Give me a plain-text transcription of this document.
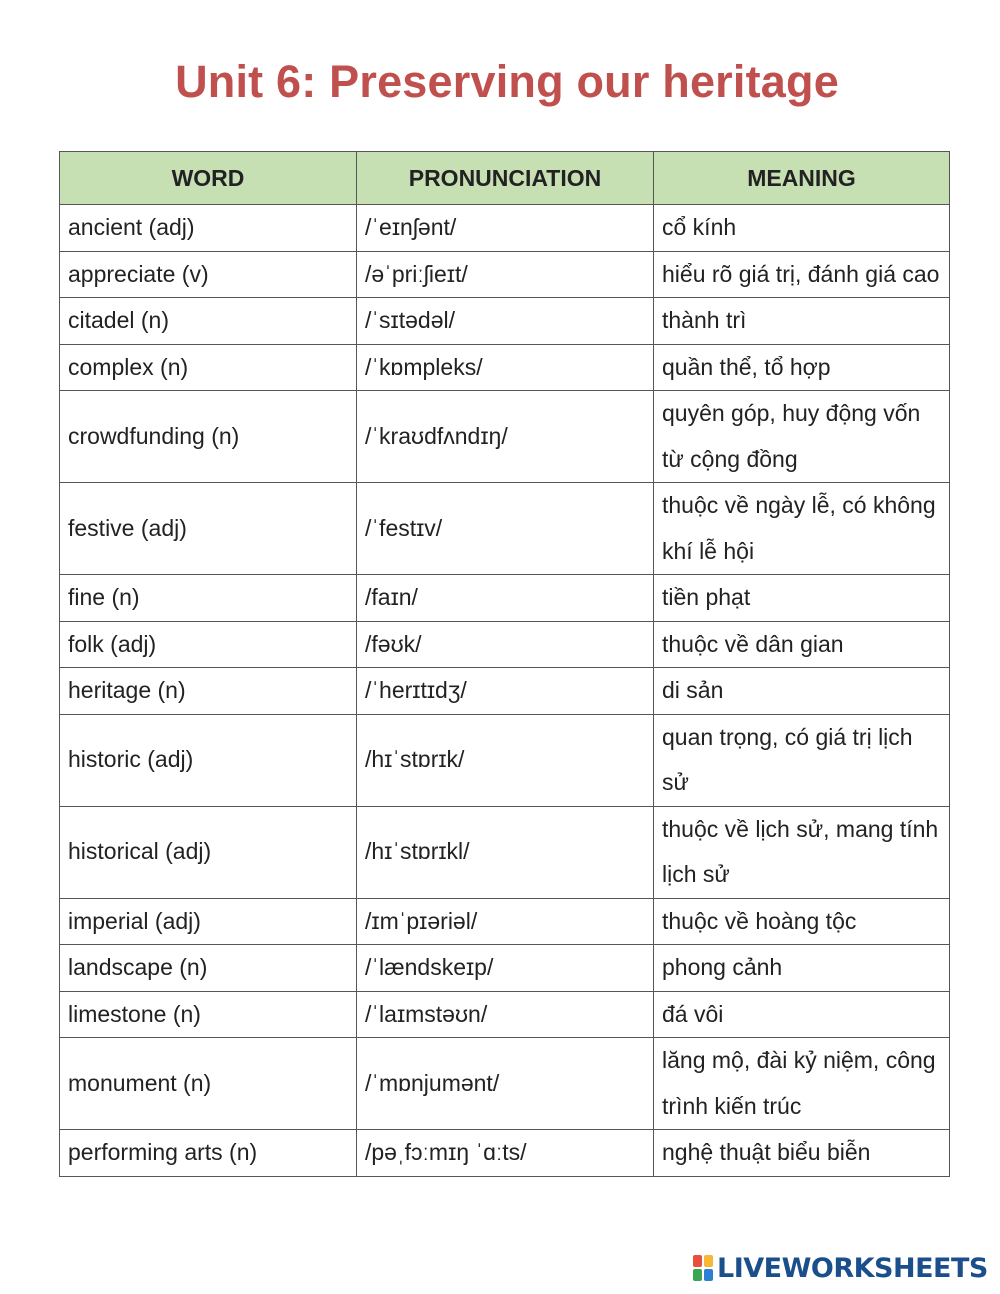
Unit 6: Preserving our heritage
WORD	PRONUNCIATION	MEANING
ancient (adj)	/ˈeɪnʃənt/	cổ kính
appreciate (v)	/əˈpriːʃieɪt/	hiểu rõ giá trị, đánh giá cao
citadel (n)	/ˈsɪtədəl/	thành trì
complex (n)	/ˈkɒmpleks/	quần thể, tổ hợp
crowdfunding (n)	/ˈkraʊdfʌndɪŋ/	quyên góp, huy động vốn từ cộng đồng
festive (adj)	/ˈfestɪv/	thuộc về ngày lễ, có không khí lễ hội
fine (n)	/faɪn/	tiền phạt
folk (adj)	/fəʊk/	thuộc về dân gian
heritage (n)	/ˈherɪtɪdʒ/	di sản
historic (adj)	/hɪˈstɒrɪk/	quan trọng, có giá trị lịch sử
historical (adj)	/hɪˈstɒrɪkl/	thuộc về lịch sử, mang tính lịch sử
imperial (adj)	/ɪmˈpɪəriəl/	thuộc về hoàng tộc
landscape (n)	/ˈlændskeɪp/	phong cảnh
limestone (n)	/ˈlaɪmstəʊn/	đá vôi
monument (n)	/ˈmɒnjumənt/	lăng mộ, đài kỷ niệm, công trình kiến trúc
performing arts (n)	/pəˌfɔːmɪŋ ˈɑːts/	nghệ thuật biểu biễn
LIVEWORKSHEETS
